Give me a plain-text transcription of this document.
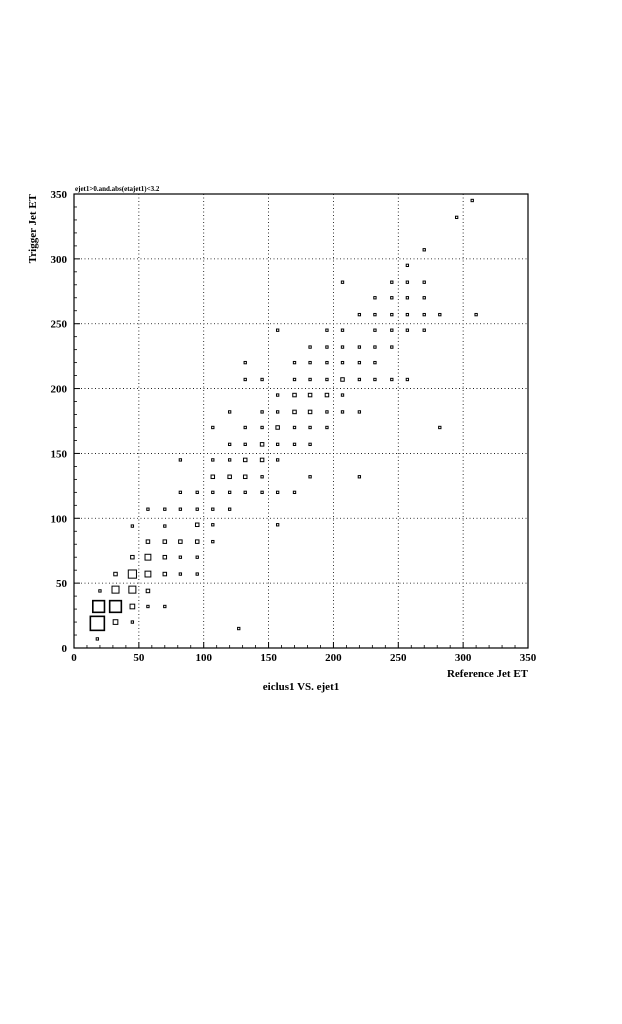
0	50	100	150	200	250	300	350
0
50
100
150
200
250
300
350 ejet1>0.and.abs(etajet1)<3.2
Reference Jet ET
Trigger Jet ET
eiclus1 VS. ejet1
